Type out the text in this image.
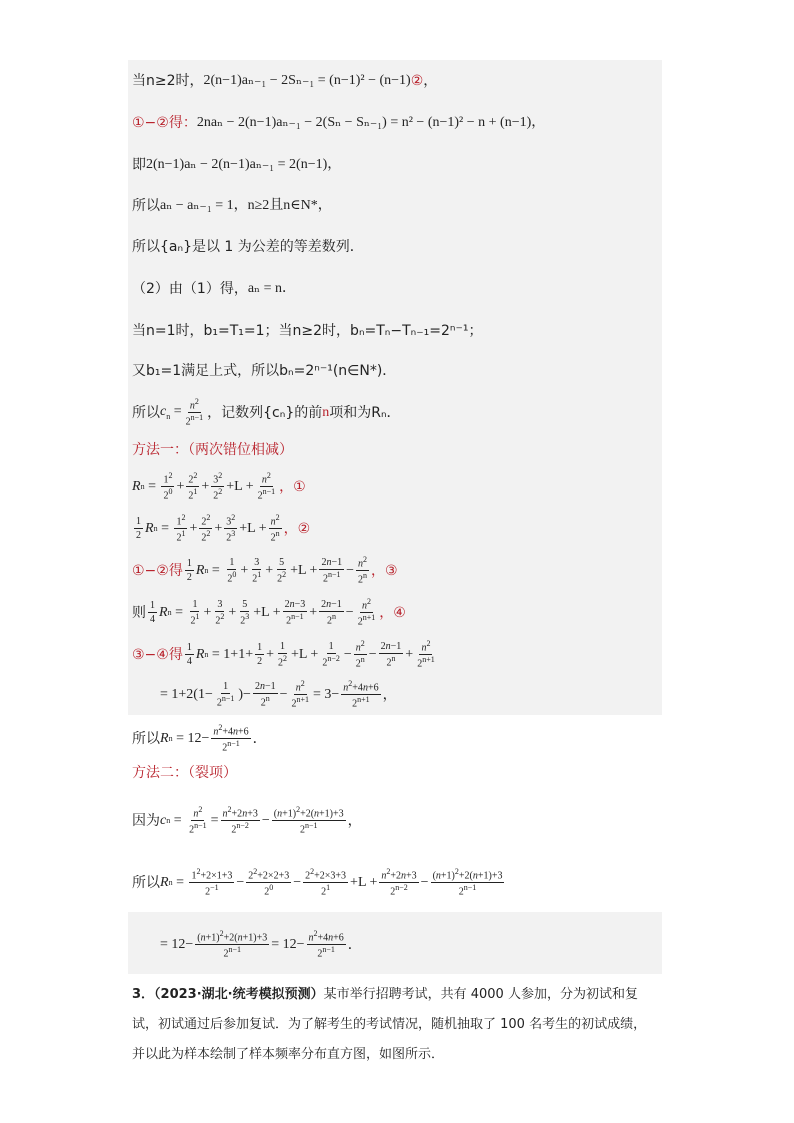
当n≥2时， 2(n−1)aₙ₋₁ − 2Sₙ₋₁ = (n−1)² − (n−1) ② ，
①−②得： 2naₙ − 2(n−1)aₙ₋₁ − 2(Sₙ − Sₙ₋₁) = n² − (n−1)² − n + (n−1)，
即 2(n−1)aₙ − 2(n−1)aₙ₋₁ = 2(n−1)，
所以 aₙ − aₙ₋₁ = 1，n≥2且n∈N*，
所以{aₙ}是以 1 为公差的等差数列．
（2）由（1）得， aₙ = n．
当n=1时，b₁=T₁=1；当n≥2时，bₙ=Tₙ−Tₙ₋₁=2ⁿ⁻¹；
又b₁=1满足上式，所以bₙ=2ⁿ⁻¹(n∈N*)．
所以 $c_n = \frac{n^2}{2^{n-1}}$ ，记数列{cₙ}的前 n 项和为Rₙ．
方法一：（两次错位相减）
R $n = \frac{1^2}{2^0} + \frac{2^2}{2^1} + \frac{3^2}{2^2} +L + \frac{n^2}{2^{n-1}}$ ，①
$\frac{1}{2}$ R $n = \frac{1^2}{2^1} + \frac{2^2}{2^2} + \frac{3^2}{2^3} +L + \frac{n^2}{2^n}$ ，②
①−②得 $\frac{1}{2}$ R $n = \frac{1}{2^0} + \frac{3}{2^1} + \frac{5}{2^2} +L + \frac{2n-1}{2^{n-1}} - \frac{n^2}{2^n}$ ，③
则 $\frac{1}{4}$ R $n = \frac{1}{2^1} + \frac{3}{2^2} + \frac{5}{2^3} +L + \frac{2n-3}{2^{n-1}} + \frac{2n-1}{2^n} - \frac{n^2}{2^{n+1}}$ ，④
③−④得 $\frac{1}{4}$ R $n = 1+1+ \frac{1}{2} + \frac{1}{2^2} +L + \frac{1}{2^{n-2}} - \frac{n^2}{2^n} - \frac{2n-1}{2^n} + \frac{n^2}{2^{n+1}}$
= $1+2(1- \frac{1}{2^{n-1}}$ )− $\frac{2n-1}{2^n} - \frac{n^2}{2^{n+1}} = 3- \frac{n^2+4n+6}{2^{n+1}}$ ，
所以 R $n = 12- \frac{n^2+4n+6}{2^{n-1}}$ ．
方法二：（裂项）
因为 c $n = \frac{n^2}{2^{n-1}} = \frac{n^2+2n+3}{2^{n-2}} - \frac{(n+1)^2+2(n+1)+3}{2^{n-1}}$ ，
所以 R $n = \frac{1^2+2\times 1+3}{2^{-1}} - \frac{2^2+2\times 2+3}{2^0} - \frac{2^2+2\times 3+3}{2^1} +L + \frac{n^2+2n+3}{2^{n-2}} - \frac{(n+1)^2+2(n+1)+3}{2^{n-1}}$
= $12- \frac{(n+1)^2+2(n+1)+3}{2^{n-1}} = 12- \frac{n^2+4n+6}{2^{n-1}}$ ．
3．（2023·湖北·统考模拟预测）某市举行招聘考试，共有 4000 人参加，分为初试和复
试，初试通过后参加复试．为了解考生的考试情况，随机抽取了 100 名考生的初试成绩，
并以此为样本绘制了样本频率分布直方图，如图所示．
